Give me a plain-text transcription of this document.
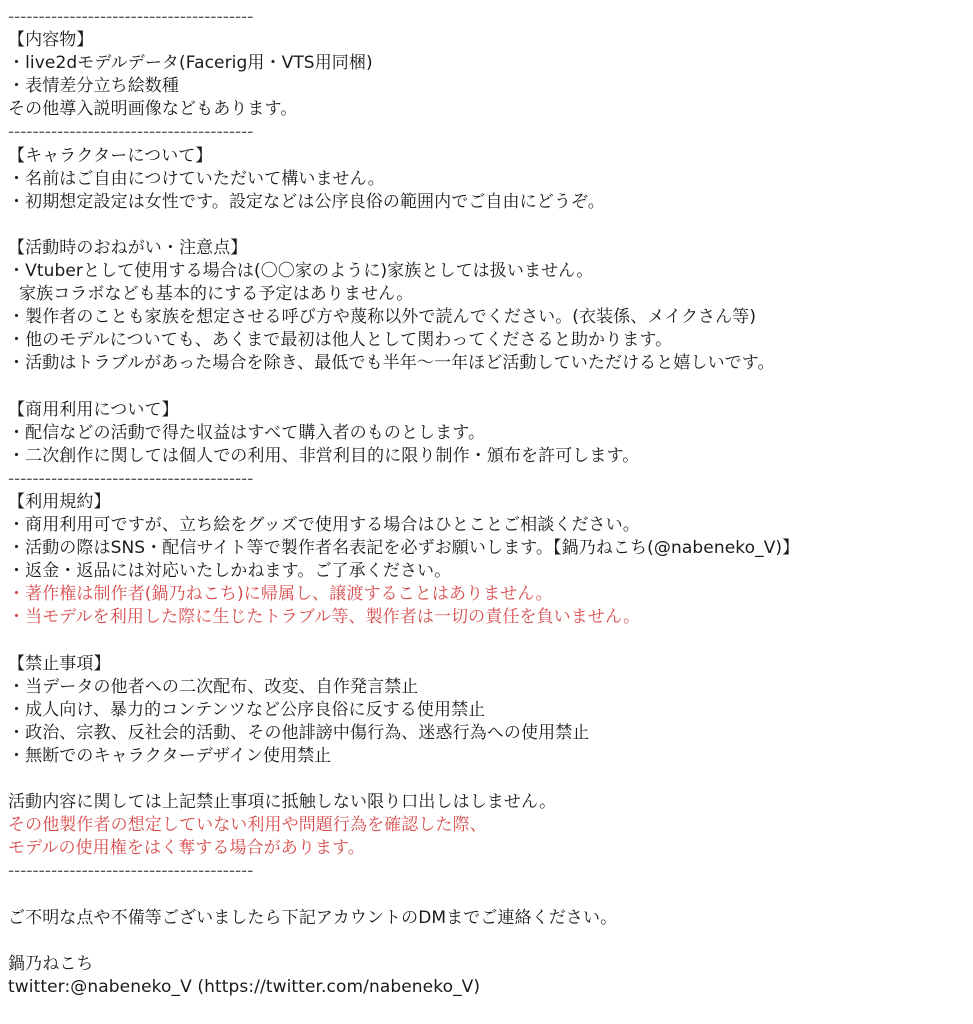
----------------------------------------
【内容物】
・live2dモデルデータ(Facerig用・VTS用同梱)
・表情差分立ち絵数種
その他導入説明画像などもあります。
----------------------------------------
【キャラクターについて】
・名前はご自由につけていただいて構いません。
・初期想定設定は女性です。設定などは公序良俗の範囲内でご自由にどうぞ。
【活動時のおねがい・注意点】
・Vtuberとして使用する場合は(〇〇家のように)家族としては扱いません。
家族コラボなども基本的にする予定はありません。
・製作者のことも家族を想定させる呼び方や蔑称以外で読んでください。(衣装係、メイクさん等)
・他のモデルについても、あくまで最初は他人として関わってくださると助かります。
・活動はトラブルがあった場合を除き、最低でも半年～一年ほど活動していただけると嬉しいです。
【商用利用について】
・配信などの活動で得た収益はすべて購入者のものとします。
・二次創作に関しては個人での利用、非営利目的に限り制作・頒布を許可します。
----------------------------------------
【利用規約】
・商用利用可ですが、立ち絵をグッズで使用する場合はひとことご相談ください。
・活動の際はSNS・配信サイト等で製作者名表記を必ずお願いします。【鍋乃ねこち(@nabeneko_V)】
・返金・返品には対応いたしかねます。ご了承ください。
・著作権は制作者(鍋乃ねこち)に帰属し、譲渡することはありません。
・当モデルを利用した際に生じたトラブル等、製作者は一切の責任を負いません。
【禁止事項】
・当データの他者への二次配布、改変、自作発言禁止
・成人向け、暴力的コンテンツなど公序良俗に反する使用禁止
・政治、宗教、反社会的活動、その他誹謗中傷行為、迷惑行為への使用禁止
・無断でのキャラクターデザイン使用禁止
活動内容に関しては上記禁止事項に抵触しない限り口出しはしません。
その他製作者の想定していない利用や問題行為を確認した際、
モデルの使用権をはく奪する場合があります。
----------------------------------------
ご不明な点や不備等ございましたら下記アカウントのDMまでご連絡ください。
鍋乃ねこち
twitter:@nabeneko_V (https://twitter.com/nabeneko_V)
